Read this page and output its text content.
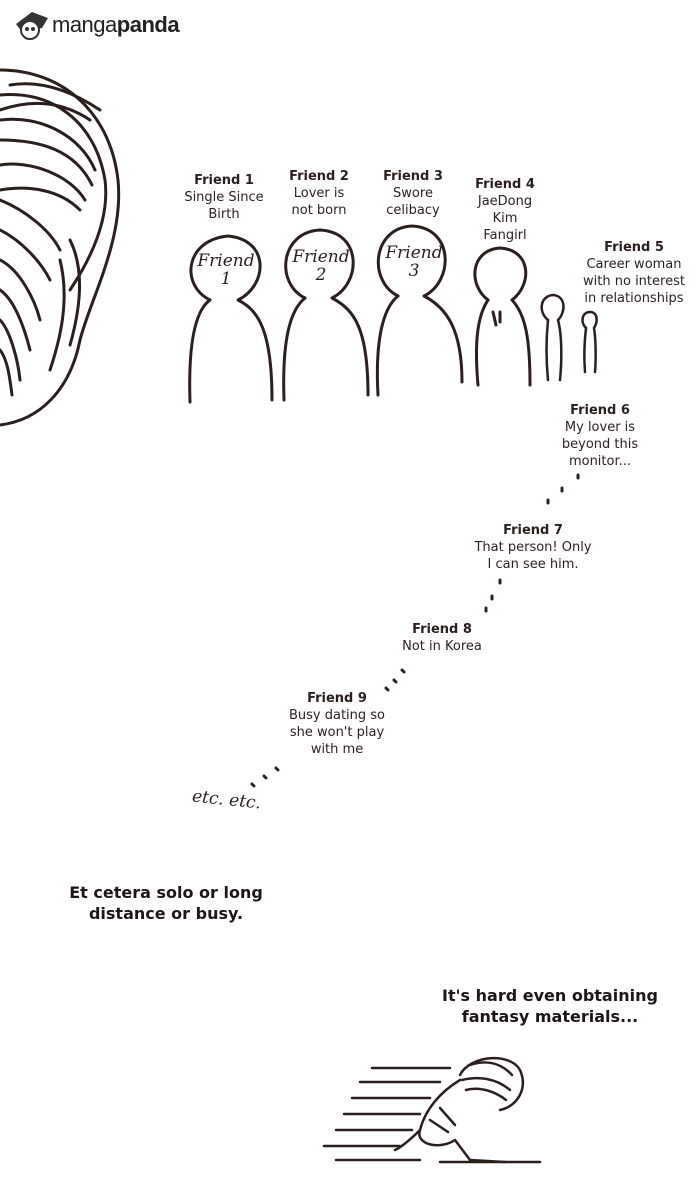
mangapanda
Friend
1
Friend
2
Friend
3
Friend 1
Single Since
Birth
Friend 2
Lover is
not born
Friend 3
Swore
celibacy
Friend 4
JaeDong
Kim
Fangirl
Friend 5
Career woman
with no interest
in relationships
Friend 6
My lover is
beyond this
monitor...
Friend 7
That person! Only
I can see him.
Friend 8
Not in Korea
Friend 9
Busy dating so
she won't play
with me
etc. etc.
Et cetera solo or long
distance or busy.
It's hard even obtaining
fantasy materials...
